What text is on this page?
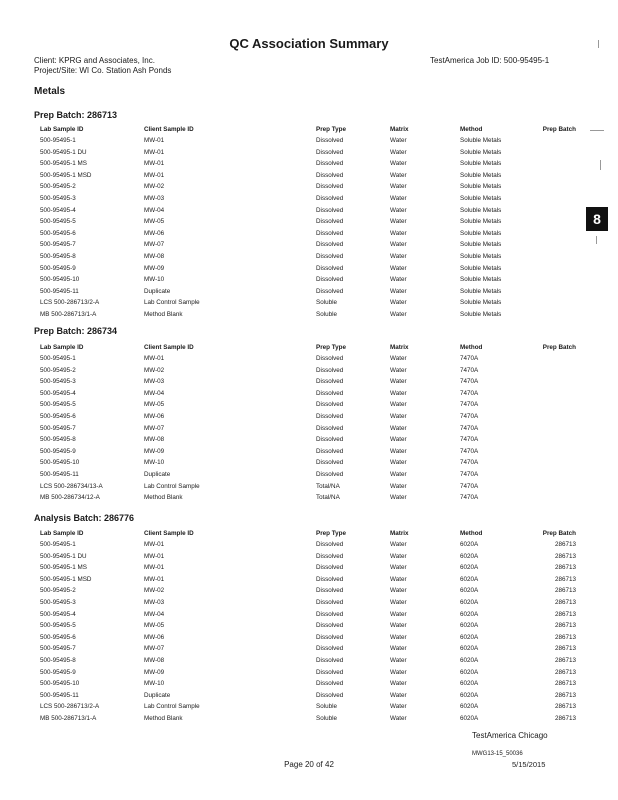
QC Association Summary
Client: KPRG and Associates, Inc.
Project/Site: WI Co. Station Ash Ponds
TestAmerica Job ID: 500-95495-1
Metals
8
Prep Batch: 286713
Lab Sample ID	Client Sample ID	Prep Type	Matrix	Method	Prep Batch
500-95495-1	MW-01	Dissolved	Water	Soluble Metals
500-95495-1 DU	MW-01	Dissolved	Water	Soluble Metals
500-95495-1 MS	MW-01	Dissolved	Water	Soluble Metals
500-95495-1 MSD	MW-01	Dissolved	Water	Soluble Metals
500-95495-2	MW-02	Dissolved	Water	Soluble Metals
500-95495-3	MW-03	Dissolved	Water	Soluble Metals
500-95495-4	MW-04	Dissolved	Water	Soluble Metals
500-95495-5	MW-05	Dissolved	Water	Soluble Metals
500-95495-6	MW-06	Dissolved	Water	Soluble Metals
500-95495-7	MW-07	Dissolved	Water	Soluble Metals
500-95495-8	MW-08	Dissolved	Water	Soluble Metals
500-95495-9	MW-09	Dissolved	Water	Soluble Metals
500-95495-10	MW-10	Dissolved	Water	Soluble Metals
500-95495-11	Duplicate	Dissolved	Water	Soluble Metals
LCS 500-286713/2-A	Lab Control Sample	Soluble	Water	Soluble Metals
MB 500-286713/1-A	Method Blank	Soluble	Water	Soluble Metals
Prep Batch: 286734
Lab Sample ID	Client Sample ID	Prep Type	Matrix	Method	Prep Batch
500-95495-1	MW-01	Dissolved	Water	7470A
500-95495-2	MW-02	Dissolved	Water	7470A
500-95495-3	MW-03	Dissolved	Water	7470A
500-95495-4	MW-04	Dissolved	Water	7470A
500-95495-5	MW-05	Dissolved	Water	7470A
500-95495-6	MW-06	Dissolved	Water	7470A
500-95495-7	MW-07	Dissolved	Water	7470A
500-95495-8	MW-08	Dissolved	Water	7470A
500-95495-9	MW-09	Dissolved	Water	7470A
500-95495-10	MW-10	Dissolved	Water	7470A
500-95495-11	Duplicate	Dissolved	Water	7470A
LCS 500-286734/13-A	Lab Control Sample	Total/NA	Water	7470A
MB 500-286734/12-A	Method Blank	Total/NA	Water	7470A
Analysis Batch: 286776
Lab Sample ID	Client Sample ID	Prep Type	Matrix	Method	Prep Batch
500-95495-1	MW-01	Dissolved	Water	6020A	286713
500-95495-1 DU	MW-01	Dissolved	Water	6020A	286713
500-95495-1 MS	MW-01	Dissolved	Water	6020A	286713
500-95495-1 MSD	MW-01	Dissolved	Water	6020A	286713
500-95495-2	MW-02	Dissolved	Water	6020A	286713
500-95495-3	MW-03	Dissolved	Water	6020A	286713
500-95495-4	MW-04	Dissolved	Water	6020A	286713
500-95495-5	MW-05	Dissolved	Water	6020A	286713
500-95495-6	MW-06	Dissolved	Water	6020A	286713
500-95495-7	MW-07	Dissolved	Water	6020A	286713
500-95495-8	MW-08	Dissolved	Water	6020A	286713
500-95495-9	MW-09	Dissolved	Water	6020A	286713
500-95495-10	MW-10	Dissolved	Water	6020A	286713
500-95495-11	Duplicate	Dissolved	Water	6020A	286713
LCS 500-286713/2-A	Lab Control Sample	Soluble	Water	6020A	286713
MB 500-286713/1-A	Method Blank	Soluble	Water	6020A	286713
TestAmerica Chicago
MWG13-15_50036
Page 20 of 42	5/15/2015
